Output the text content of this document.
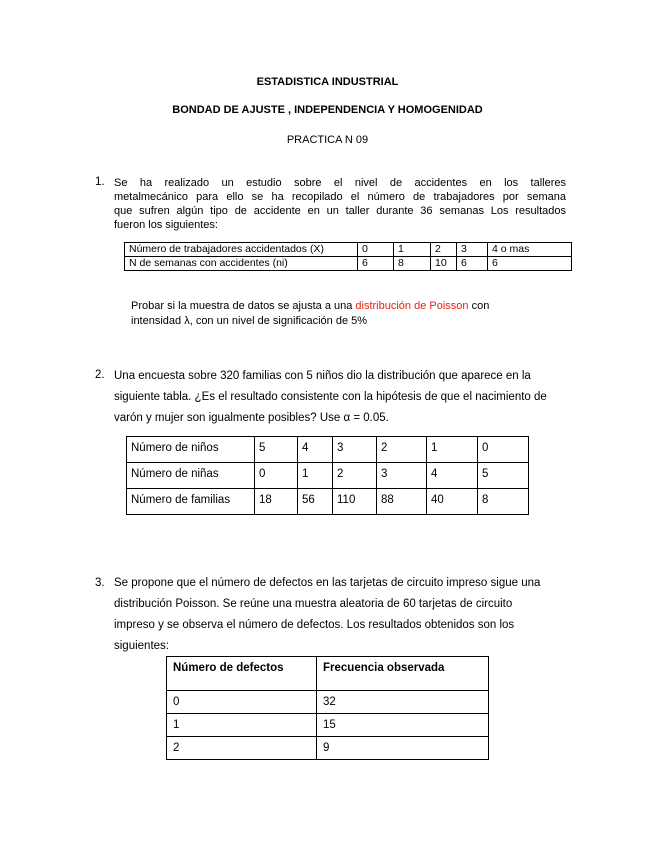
ESTADISTICA INDUSTRIAL
BONDAD DE AJUSTE , INDEPENDENCIA Y HOMOGENIDAD
PRACTICA N 09
1. Se ha realizado un estudio sobre el nivel de accidentes en los talleres
metalmecánico para ello se ha recopilado el número de trabajadores por semana
que sufren algún tipo de accidente en un taller durante 36 semanas Los resultados
fueron los siguientes:
Número de trabajadores accidentados (X)	0	1	2	3	4 o mas
N de semanas con accidentes (ni)	6	8	10	6	6
Probar si la muestra de datos se ajusta a una distribución de Poisson con
intensidad λ, con un nivel de significación de 5%
2. Una encuesta sobre 320 familias con 5 niños dio la distribución que aparece en la
siguiente tabla. ¿Es el resultado consistente con la hipótesis de que el nacimiento de
varón y mujer son igualmente posibles? Use α = 0.05.
Número de niños	5	4	3	2	1	0
Número de niñas	0	1	2	3	4	5
Número de familias	18	56	110	88	40	8
3. Se propone que el número de defectos en las tarjetas de circuito impreso sigue una
distribución Poisson. Se reúne una muestra aleatoria de 60 tarjetas de circuito
impreso y se observa el número de defectos. Los resultados obtenidos son los
siguientes:
Número de defectos	Frecuencia observada
0	32
1	15
2	9
